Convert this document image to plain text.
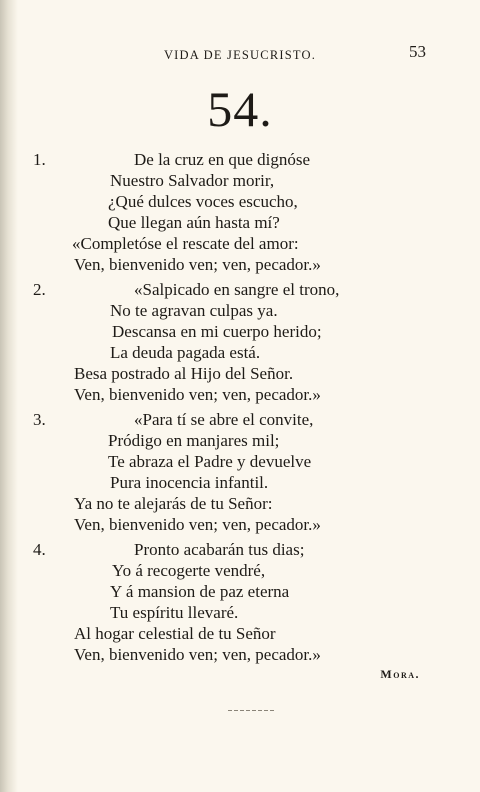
VIDA DE JESUCRISTO.	53
54.
1.	De la cruz en que dignóse
Nuestro Salvador morir,
¿Qué dulces voces escucho,
Que llegan aún hasta mí?
«Completóse el rescate del amor:
Ven, bienvenido ven; ven, pecador.»
2.	«Salpicado en sangre el trono,
No te agravan culpas ya.
Descansa en mi cuerpo herido;
La deuda pagada está.
Besa postrado al Hijo del Señor.
Ven, bienvenido ven; ven, pecador.»
3.	«Para tí se abre el convite,
Pródigo en manjares mil;
Te abraza el Padre y devuelve
Pura inocencia infantil.
Ya no te alejarás de tu Señor:
Ven, bienvenido ven; ven, pecador.»
4.	Pronto acabarán tus dias;
Yo á recogerte vendré,
Y á mansion de paz eterna
Tu espíritu llevaré.
Al hogar celestial de tu Señor
Ven, bienvenido ven; ven, pecador.»
Mora.
